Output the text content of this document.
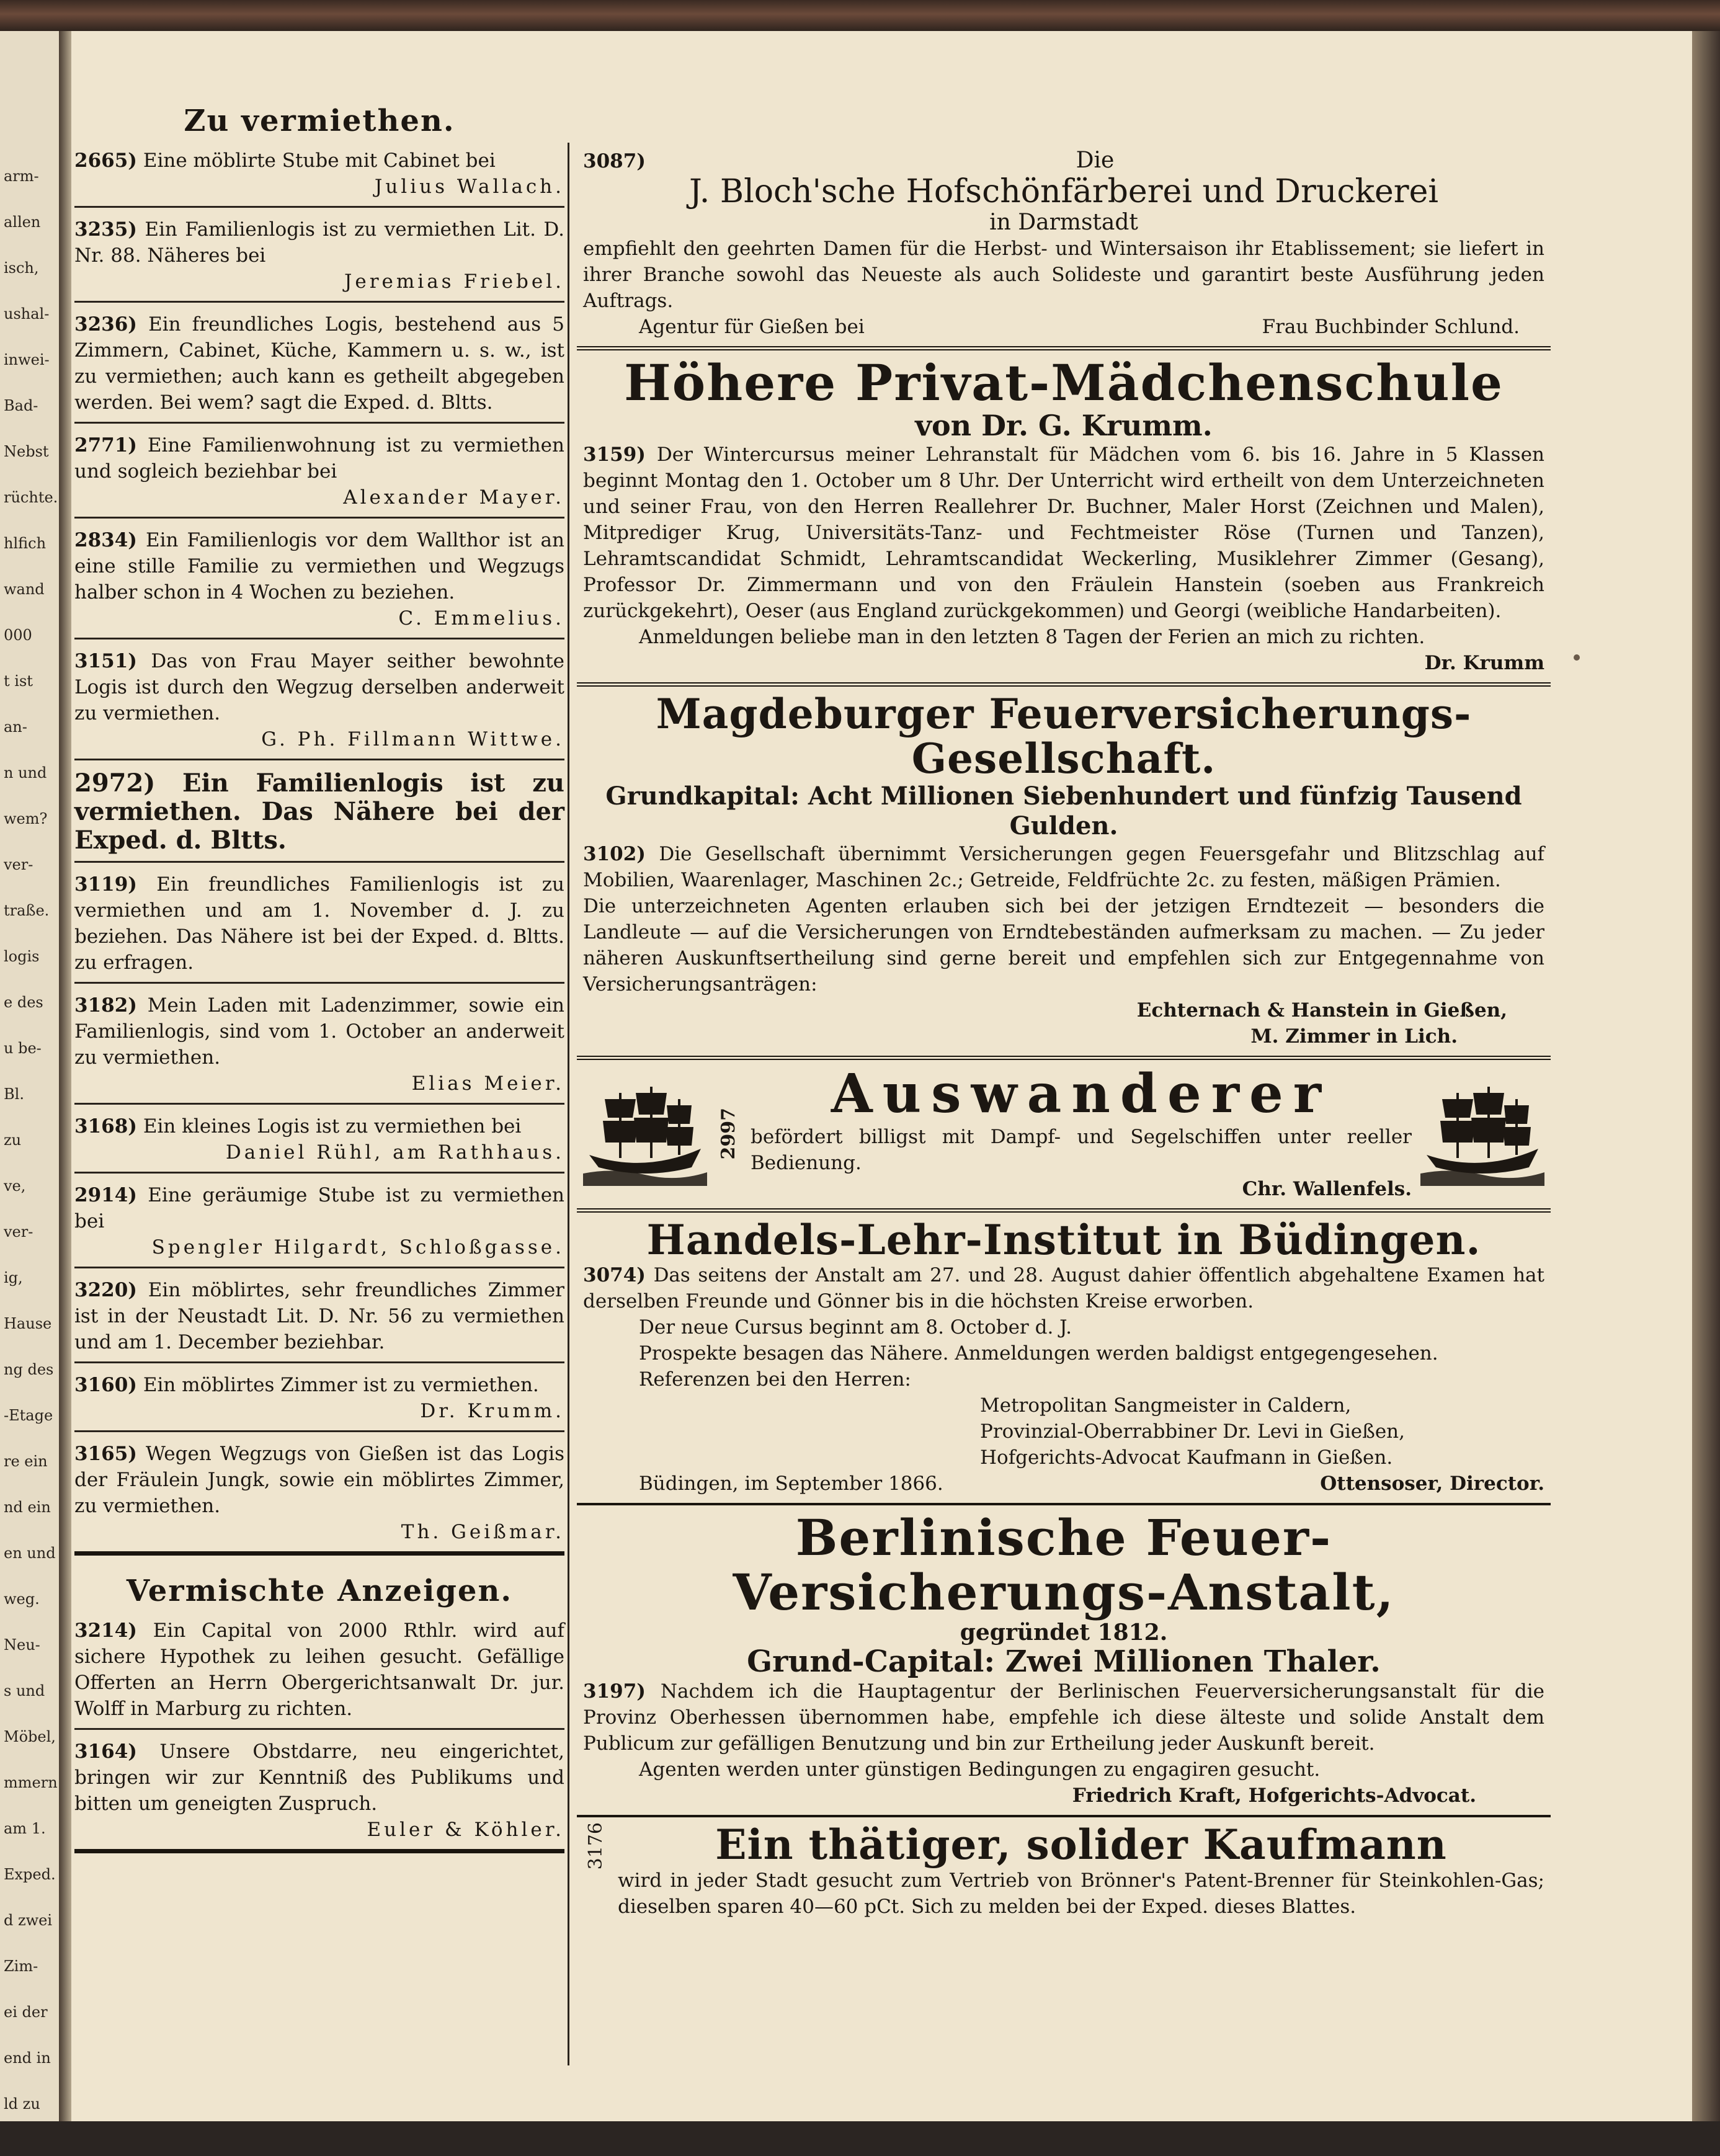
arm-
allen
isch,
ushal-
inwei-
Bad-
Nebst
rüchte.
hlfich
wand
000
t ist
an-
n und
wem?
ver-
traße.
logis
e des
u be-
Bl.
zu
ve,
ver-
ig,
Hause
ng des
-Etage
re ein
nd ein
en und
weg.
Neu-
s und
Möbel,
mmern
am 1.
Exped.
d zwei
Zim-
ei der
end in
ld zu
Zu vermiethen.
2665) Eine möblirte Stube mit Cabinet bei
Julius Wallach.
3235) Ein Familienlogis ist zu vermiethen Lit. D. Nr. 88. Näheres bei
Jeremias Friebel.
3236) Ein freundliches Logis, bestehend aus 5 Zimmern, Cabinet, Küche, Kammern u. s. w., ist zu vermiethen; auch kann es getheilt abgegeben werden. Bei wem? sagt die Exped. d. Bltts.
2771) Eine Familienwohnung ist zu vermiethen und sogleich beziehbar bei
Alexander Mayer.
2834) Ein Familienlogis vor dem Wallthor ist an eine stille Familie zu vermiethen und Wegzugs halber schon in 4 Wochen zu beziehen.
C. Emmelius.
3151) Das von Frau Mayer seither bewohnte Logis ist durch den Wegzug derselben anderweit zu vermiethen.
G. Ph. Fillmann Wittwe.
2972) Ein Familienlogis ist zu vermiethen. Das Nähere bei der Exped. d. Bltts.
3119) Ein freundliches Familienlogis ist zu vermiethen und am 1. November d. J. zu beziehen. Das Nähere ist bei der Exped. d. Bltts. zu erfragen.
3182) Mein Laden mit Ladenzimmer, sowie ein Familienlogis, sind vom 1. October an anderweit zu vermiethen.
Elias Meier.
3168) Ein kleines Logis ist zu vermiethen bei
Daniel Rühl, am Rathhaus.
2914) Eine geräumige Stube ist zu vermiethen bei
Spengler Hilgardt, Schloßgasse.
3220) Ein möblirtes, sehr freundliches Zimmer ist in der Neustadt Lit. D. Nr. 56 zu vermiethen und am 1. December beziehbar.
3160) Ein möblirtes Zimmer ist zu vermiethen.
Dr. Krumm.
3165) Wegen Wegzugs von Gießen ist das Logis der Fräulein Jungk, sowie ein möblirtes Zimmer, zu vermiethen.
Th. Geißmar.
Vermischte Anzeigen.
3214) Ein Capital von 2000 Rthlr. wird auf sichere Hypothek zu leihen gesucht. Gefällige Offerten an Herrn Obergerichtsanwalt Dr. jur. Wolff in Marburg zu richten.
3164) Unsere Obstdarre, neu eingerichtet, bringen wir zur Kenntniß des Publikums und bitten um geneigten Zuspruch.
Euler & Köhler.
3087)	Die
J. Bloch'sche Hofschönfärberei und Druckerei
in Darmstadt
empfiehlt den geehrten Damen für die Herbst- und Wintersaison ihr Etablissement; sie liefert in ihrer Branche sowohl das Neueste als auch Solideste und garantirt beste Ausführung jeden Auftrags.
Agentur für Gießen bei	Frau Buchbinder Schlund.
Höhere Privat-Mädchenschule
von Dr. G. Krumm.
3159) Der Wintercursus meiner Lehranstalt für Mädchen vom 6. bis 16. Jahre in 5 Klassen beginnt Montag den 1. October um 8 Uhr. Der Unterricht wird ertheilt von dem Unterzeichneten und seiner Frau, von den Herren Reallehrer Dr. Buchner, Maler Horst (Zeichnen und Malen), Mitprediger Krug, Universitäts-Tanz- und Fechtmeister Röse (Turnen und Tanzen), Lehramtscandidat Schmidt, Lehramtscandidat Weckerling, Musiklehrer Zimmer (Gesang), Professor Dr. Zimmermann und von den Fräulein Hanstein (soeben aus Frankreich zurückgekehrt), Oeser (aus England zurückgekommen) und Georgi (weibliche Handarbeiten).
Anmeldungen beliebe man in den letzten 8 Tagen der Ferien an mich zu richten.
Dr. Krumm
Magdeburger Feuerversicherungs-Gesellschaft.
Grundkapital: Acht Millionen Siebenhundert und fünfzig Tausend Gulden.
3102) Die Gesellschaft übernimmt Versicherungen gegen Feuersgefahr und Blitzschlag auf Mobilien, Waarenlager, Maschinen 2c.; Getreide, Feldfrüchte 2c. zu festen, mäßigen Prämien.
Die unterzeichneten Agenten erlauben sich bei der jetzigen Erndtezeit — besonders die Landleute — auf die Versicherungen von Erndtebeständen aufmerksam zu machen. — Zu jeder näheren Auskunftsertheilung sind gerne bereit und empfehlen sich zur Entgegennahme von Versicherungsanträgen:
Echternach & Hanstein in Gießen,
M. Zimmer in Lich.
2997
Auswanderer
befördert billigst mit Dampf- und Segelschiffen unter reeller Bedienung.
Chr. Wallenfels.
Handels-Lehr-Institut in Büdingen.
3074) Das seitens der Anstalt am 27. und 28. August dahier öffentlich abgehaltene Examen hat derselben Freunde und Gönner bis in die höchsten Kreise erworben.
Der neue Cursus beginnt am 8. October d. J.
Prospekte besagen das Nähere. Anmeldungen werden baldigst entgegengesehen.
Referenzen bei den Herren:
Metropolitan Sangmeister in Caldern,
Provinzial-Oberrabbiner Dr. Levi in Gießen,
Hofgerichts-Advocat Kaufmann in Gießen.
Büdingen, im September 1866.	Ottensoser, Director.
Berlinische Feuer-Versicherungs-Anstalt,
gegründet 1812.
Grund-Capital: Zwei Millionen Thaler.
3197) Nachdem ich die Hauptagentur der Berlinischen Feuerversicherungsanstalt für die Provinz Oberhessen übernommen habe, empfehle ich diese älteste und solide Anstalt dem Publicum zur gefälligen Benutzung und bin zur Ertheilung jeder Auskunft bereit.
Agenten werden unter günstigen Bedingungen zu engagiren gesucht.
Friedrich Kraft, Hofgerichts-Advocat.
3176	Ein thätiger, solider Kaufmann
wird in jeder Stadt gesucht zum Vertrieb von Brönner's Patent-Brenner für Steinkohlen-Gas; dieselben sparen 40—60 pCt. Sich zu melden bei der Exped. dieses Blattes.
